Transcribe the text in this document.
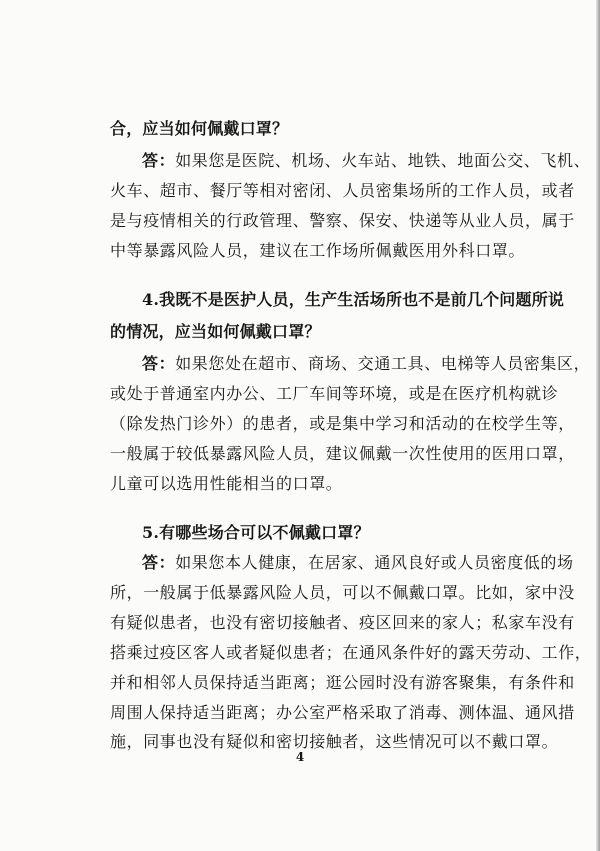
合，应当如何佩戴口罩？
答：如果您是医院、机场、火车站、地铁、地面公交、飞机、
火车、超市、餐厅等相对密闭、人员密集场所的工作人员，或者
是与疫情相关的行政管理、警察、保安、快递等从业人员，属于
中等暴露风险人员，建议在工作场所佩戴医用外科口罩。
4.我既不是医护人员，生产生活场所也不是前几个问题所说
的情况，应当如何佩戴口罩？
答：如果您处在超市、商场、交通工具、电梯等人员密集区，
或处于普通室内办公、工厂车间等环境，或是在医疗机构就诊
（除发热门诊外）的患者，或是集中学习和活动的在校学生等，
一般属于较低暴露风险人员，建议佩戴一次性使用的医用口罩，
儿童可以选用性能相当的口罩。
5.有哪些场合可以不佩戴口罩？
答：如果您本人健康，在居家、通风良好或人员密度低的场
所，一般属于低暴露风险人员，可以不佩戴口罩。比如，家中没
有疑似患者，也没有密切接触者、疫区回来的家人；私家车没有
搭乘过疫区客人或者疑似患者；在通风条件好的露天劳动、工作，
并和相邻人员保持适当距离；逛公园时没有游客聚集，有条件和
周围人保持适当距离；办公室严格采取了消毒、测体温、通风措
施，同事也没有疑似和密切接触者，这些情况可以不戴口罩。
4
